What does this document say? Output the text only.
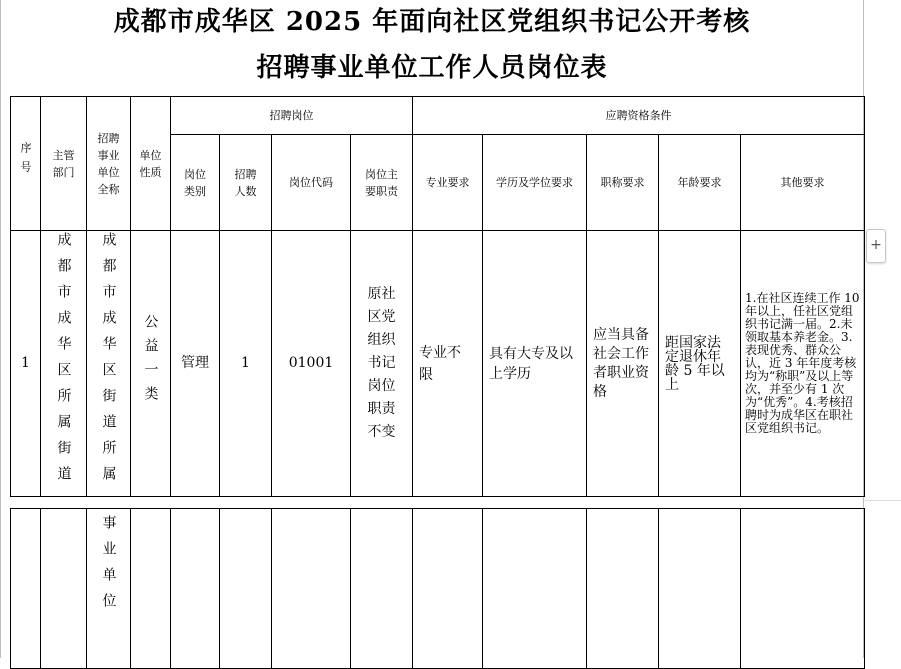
成都市成华区 2025 年面向社区党组织书记公开考核
招聘事业单位工作人员岗位表
序号	主管部门	招聘事业单位全称	单位性质	招聘岗位				应聘资格条件				

				岗位类别	招聘人数	岗位代码	岗位主要职责	专业要求	学历及学位要求	职称要求	年龄要求	其他要求
1	成都市成华区所属街道	成都市成华区街道所属	公益一类	管理	1	01001	原社区党组织书记岗位职责不变	专业不限	具有大专及以上学历	应当具备社会工作者职业资格	距国家法定退休年龄 5 年以上	1.在社区连续工作 10 年以上，任社区党组织书记满一届。2.未领取基本养老金。3.表现优秀、群众公认，近 3 年年度考核均为“称职”及以上等次，并至少有 1 次为“优秀”。4.考核招聘时为成华区在职社区党组织书记。
		事业单位										
+
